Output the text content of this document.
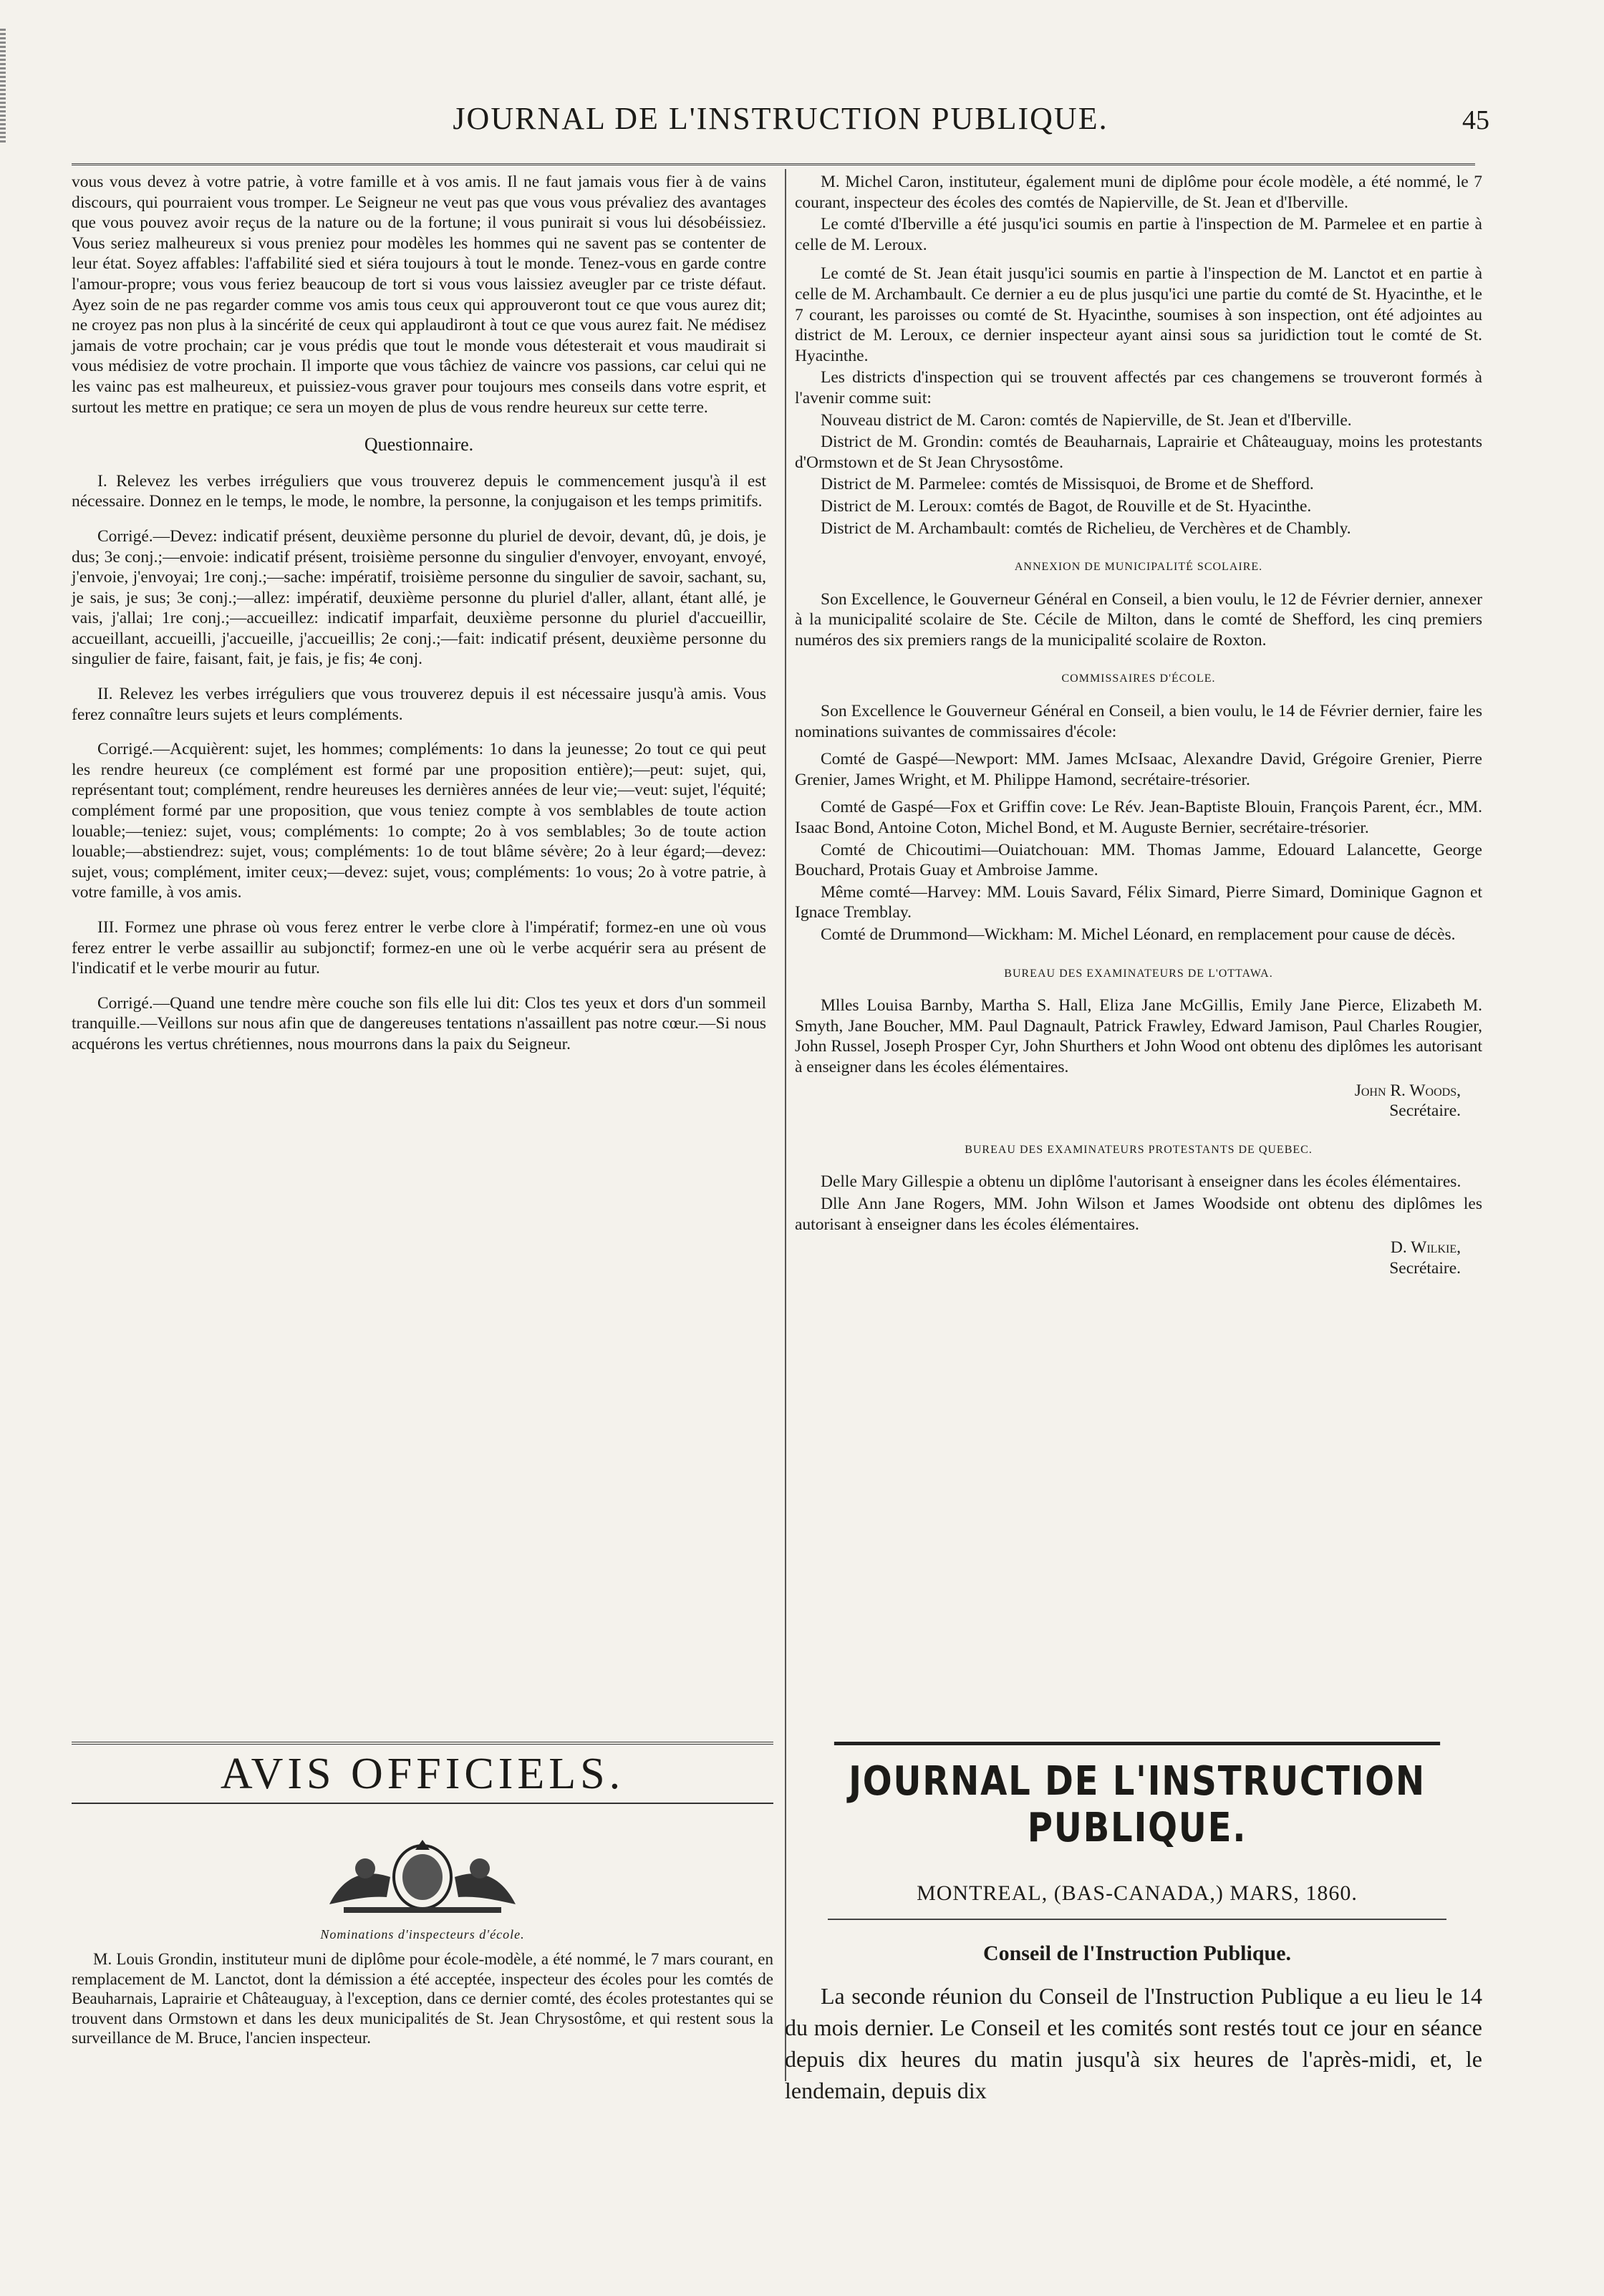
JOURNAL DE L'INSTRUCTION PUBLIQUE.	45

vous vous devez à votre patrie, à votre famille et à vos amis. Il ne faut jamais vous fier à de vains discours, qui pourraient vous tromper. Le Seigneur ne veut pas que vous vous prévaliez des avantages que vous pouvez avoir reçus de la nature ou de la fortune; il vous punirait si vous lui désobéissiez. Vous seriez malheureux si vous preniez pour modèles les hommes qui ne savent pas se contenter de leur état. Soyez affables: l'affabilité sied et siéra toujours à tout le monde. Tenez-vous en garde contre l'amour-propre; vous vous feriez beaucoup de tort si vous vous laissiez aveugler par ce triste défaut. Ayez soin de ne pas regarder comme vos amis tous ceux qui approuveront tout ce que vous aurez dit; ne croyez pas non plus à la sincérité de ceux qui applaudiront à tout ce que vous aurez fait. Ne médisez jamais de votre prochain; car je vous prédis que tout le monde vous détesterait et vous maudirait si vous médisiez de votre prochain. Il importe que vous tâchiez de vaincre vos passions, car celui qui ne les vainc pas est malheureux, et puissiez-vous graver pour toujours mes conseils dans votre esprit, et surtout les mettre en pratique; ce sera un moyen de plus de vous rendre heureux sur cette terre.

Questionnaire.

I. Relevez les verbes irréguliers que vous trouverez depuis le commencement jusqu'à il est nécessaire. Donnez en le temps, le mode, le nombre, la personne, la conjugaison et les temps primitifs.

Corrigé.—Devez: indicatif présent, deuxième personne du pluriel de devoir, devant, dû, je dois, je dus; 3e conj.;—envoie: indicatif présent, troisième personne du singulier d'envoyer, envoyant, envoyé, j'envoie, j'envoyai; 1re conj.;—sache: impératif, troisième personne du singulier de savoir, sachant, su, je sais, je sus; 3e conj.;—allez: impératif, deuxième personne du pluriel d'aller, allant, étant allé, je vais, j'allai; 1re conj.;—accueillez: indicatif imparfait, deuxième personne du pluriel d'accueillir, accueillant, accueilli, j'accueille, j'accueillis; 2e conj.;—fait: indicatif présent, deuxième personne du singulier de faire, faisant, fait, je fais, je fis; 4e conj.

II. Relevez les verbes irréguliers que vous trouverez depuis il est nécessaire jusqu'à amis. Vous ferez connaître leurs sujets et leurs compléments.

Corrigé.—Acquièrent: sujet, les hommes; compléments: 1o dans la jeunesse; 2o tout ce qui peut les rendre heureux (ce complément est formé par une proposition entière);—peut: sujet, qui, représentant tout; complément, rendre heureuses les dernières années de leur vie;—veut: sujet, l'équité; complément formé par une proposition, que vous teniez compte à vos semblables de toute action louable;—teniez: sujet, vous; compléments: 1o compte; 2o à vos semblables; 3o de toute action louable;—abstiendrez: sujet, vous; compléments: 1o de tout blâme sévère; 2o à leur égard;—devez: sujet, vous; complément, imiter ceux;—devez: sujet, vous; compléments: 1o vous; 2o à votre patrie, à votre famille, à vos amis.

III. Formez une phrase où vous ferez entrer le verbe clore à l'impératif; formez-en une où vous ferez entrer le verbe assaillir au subjonctif; formez-en une où le verbe acquérir sera au présent de l'indicatif et le verbe mourir au futur.

Corrigé.—Quand une tendre mère couche son fils elle lui dit: Clos tes yeux et dors d'un sommeil tranquille.—Veillons sur nous afin que de dangereuses tentations n'assaillent pas notre cœur.—Si nous acquérons les vertus chrétiennes, nous mourrons dans la paix du Seigneur.

M. Michel Caron, instituteur, également muni de diplôme pour école modèle, a été nommé, le 7 courant, inspecteur des écoles des comtés de Napierville, de St. Jean et d'Iberville.

Le comté d'Iberville a été jusqu'ici soumis en partie à l'inspection de M. Parmelee et en partie à celle de M. Leroux.

Le comté de St. Jean était jusqu'ici soumis en partie à l'inspection de M. Lanctot et en partie à celle de M. Archambault. Ce dernier a eu de plus jusqu'ici une partie du comté de St. Hyacinthe, et le 7 courant, les paroisses ou comté de St. Hyacinthe, soumises à son inspection, ont été adjointes au district de M. Leroux, ce dernier inspecteur ayant ainsi sous sa juridiction tout le comté de St. Hyacinthe.

Les districts d'inspection qui se trouvent affectés par ces changemens se trouveront formés à l'avenir comme suit:

Nouveau district de M. Caron: comtés de Napierville, de St. Jean et d'Iberville.

District de M. Grondin: comtés de Beauharnais, Laprairie et Châteauguay, moins les protestants d'Ormstown et de St Jean Chrysostôme.

District de M. Parmelee: comtés de Missisquoi, de Brome et de Shefford.

District de M. Leroux: comtés de Bagot, de Rouville et de St. Hyacinthe.

District de M. Archambault: comtés de Richelieu, de Verchères et de Chambly.

ANNEXION DE MUNICIPALITÉ SCOLAIRE.

Son Excellence, le Gouverneur Général en Conseil, a bien voulu, le 12 de Février dernier, annexer à la municipalité scolaire de Ste. Cécile de Milton, dans le comté de Shefford, les cinq premiers numéros des six premiers rangs de la municipalité scolaire de Roxton.

COMMISSAIRES D'ÉCOLE.

Son Excellence le Gouverneur Général en Conseil, a bien voulu, le 14 de Février dernier, faire les nominations suivantes de commissaires d'école:

Comté de Gaspé—Newport: MM. James McIsaac, Alexandre David, Grégoire Grenier, Pierre Grenier, James Wright, et M. Philippe Hamond, secrétaire-trésorier.

Comté de Gaspé—Fox et Griffin cove: Le Rév. Jean-Baptiste Blouin, François Parent, écr., MM. Isaac Bond, Antoine Coton, Michel Bond, et M. Auguste Bernier, secrétaire-trésorier.

Comté de Chicoutimi—Ouiatchouan: MM. Thomas Jamme, Edouard Lalancette, George Bouchard, Protais Guay et Ambroise Jamme.

Même comté—Harvey: MM. Louis Savard, Félix Simard, Pierre Simard, Dominique Gagnon et Ignace Tremblay.

Comté de Drummond—Wickham: M. Michel Léonard, en remplacement pour cause de décès.

BUREAU DES EXAMINATEURS DE L'OTTAWA.

Mlles Louisa Barnby, Martha S. Hall, Eliza Jane McGillis, Emily Jane Pierce, Elizabeth M. Smyth, Jane Boucher, MM. Paul Dagnault, Patrick Frawley, Edward Jamison, Paul Charles Rougier, John Russel, Joseph Prosper Cyr, John Shurthers et John Wood ont obtenu des diplômes les autorisant à enseigner dans les écoles élémentaires.

John R. Woods,
Secrétaire.
BUREAU DES EXAMINATEURS PROTESTANTS DE QUEBEC.

Delle Mary Gillespie a obtenu un diplôme l'autorisant à enseigner dans les écoles élémentaires.

Dlle Ann Jane Rogers, MM. John Wilson et James Woodside ont obtenu des diplômes les autorisant à enseigner dans les écoles élémentaires.

D. Wilkie,
Secrétaire.
AVIS OFFICIELS.
Nominations d'inspecteurs d'école.

M. Louis Grondin, instituteur muni de diplôme pour école-modèle, a été nommé, le 7 mars courant, en remplacement de M. Lanctot, dont la démission a été acceptée, inspecteur des écoles pour les comtés de Beauharnais, Laprairie et Châteauguay, à l'exception, dans ce dernier comté, des écoles protestantes qui se trouvent dans Ormstown et dans les deux municipalités de St. Jean Chrysostôme, et qui restent sous la surveillance de M. Bruce, l'ancien inspecteur.

JOURNAL DE L'INSTRUCTION PUBLIQUE.
MONTREAL, (BAS-CANADA,) MARS, 1860.
Conseil de l'Instruction Publique.

La seconde réunion du Conseil de l'Instruction Publique a eu lieu le 14 du mois dernier. Le Conseil et les comités sont restés tout ce jour en séance depuis dix heures du matin jusqu'à six heures de l'après-midi, et, le lendemain, depuis dix
